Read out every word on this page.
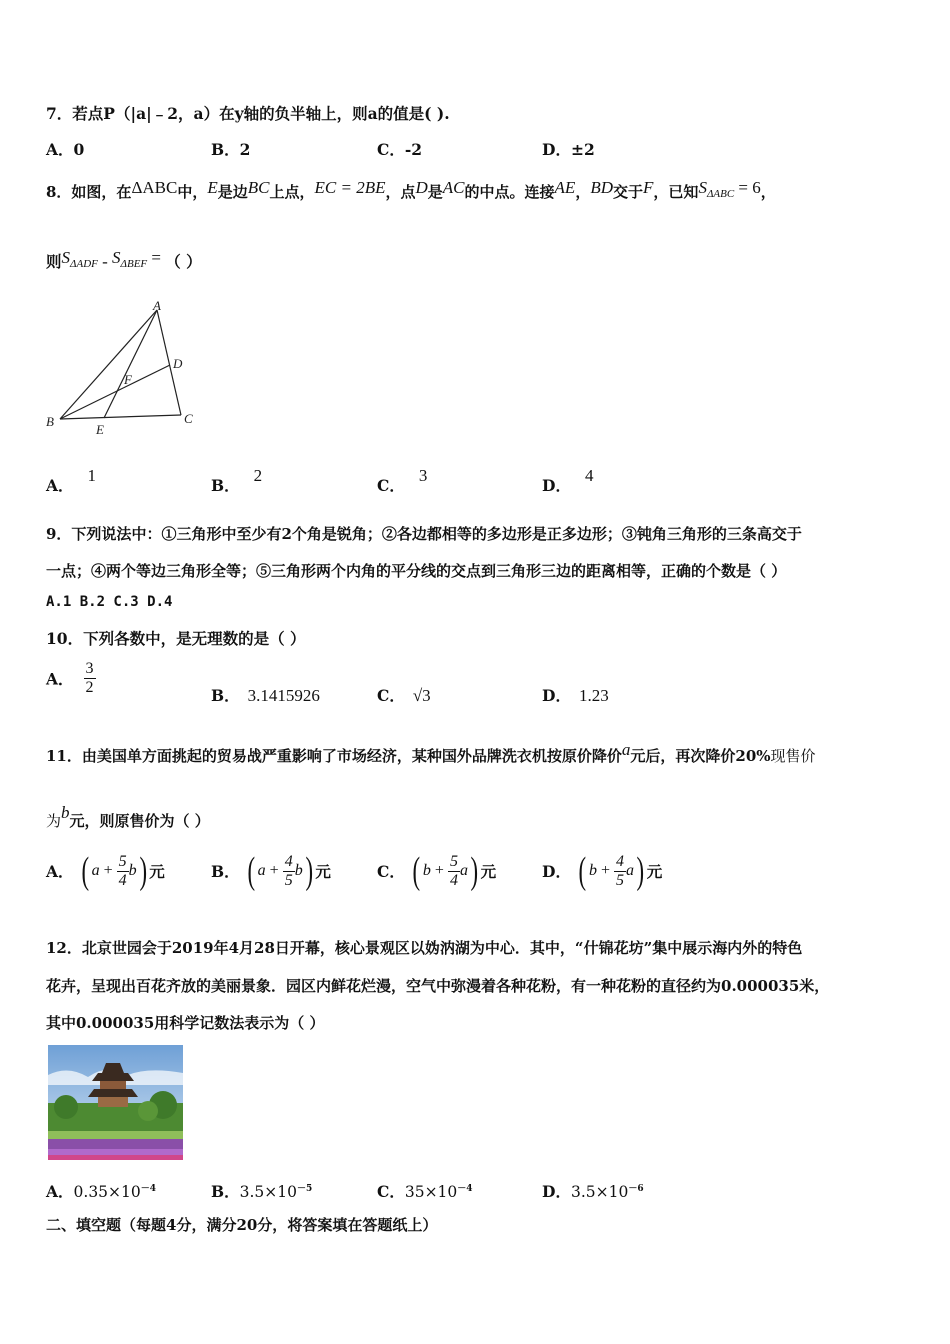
7．若点P（|a|﹣2，a）在y轴的负半轴上，则a的值是( ).
A．0	B．2	C．-2	D．±2
8．如图，在ΔABC中，E是边BC上点，EC = 2BE，点D是AC的中点。连接AE，BD交于F，已知SΔABC = 6，
则SΔADF - SΔBEF = （ ）
A
B	C
D
E
F
A．1
B．2
C．3
D．4
9．下列说法中：①三角形中至少有2个角是锐角；②各边都相等的多边形是正多边形；③钝角三角形的三条高交于
一点；④两个等边三角形全等；⑤三角形两个内角的平分线的交点到三角形三边的距离相等，正确的个数是（ ）
A.1 B.2 C.3 D.4
10．下列各数中，是无理数的是（ ）
A． $\frac{3}{2}$	B． 3.1415926	C． √3	D． 1.23
11．由美国单方面挑起的贸易战严重影响了市场经济，某种国外品牌洗衣机按原价降价a元后，再次降价20%现售价
为b元，则原售价为（ ）
A． ( $a + \frac{5}{4}$ b ) 元	B． ( $a + \frac{4}{5}$ b ) 元	C． ( $b + \frac{5}{4}$ a ) 元	D． ( $b + \frac{4}{5}$ a ) 元
12．北京世园会于2019年4月28日开幕，核心景观区以妫汭湖为中心．其中，“什锦花坊”集中展示海内外的特色
花卉，呈现出百花齐放的美丽景象．园区内鲜花烂漫，空气中弥漫着各种花粉，有一种花粉的直径约为0.000035米，
其中0.000035用科学记数法表示为（ ）
A．$0.35\times 10^{-4}$	B．$3.5\times 10^{-5}$	C．$35\times 10^{-4}$	D．$3.5\times 10^{-6}$
二、填空题（每题4分，满分20分，将答案填在答题纸上）
